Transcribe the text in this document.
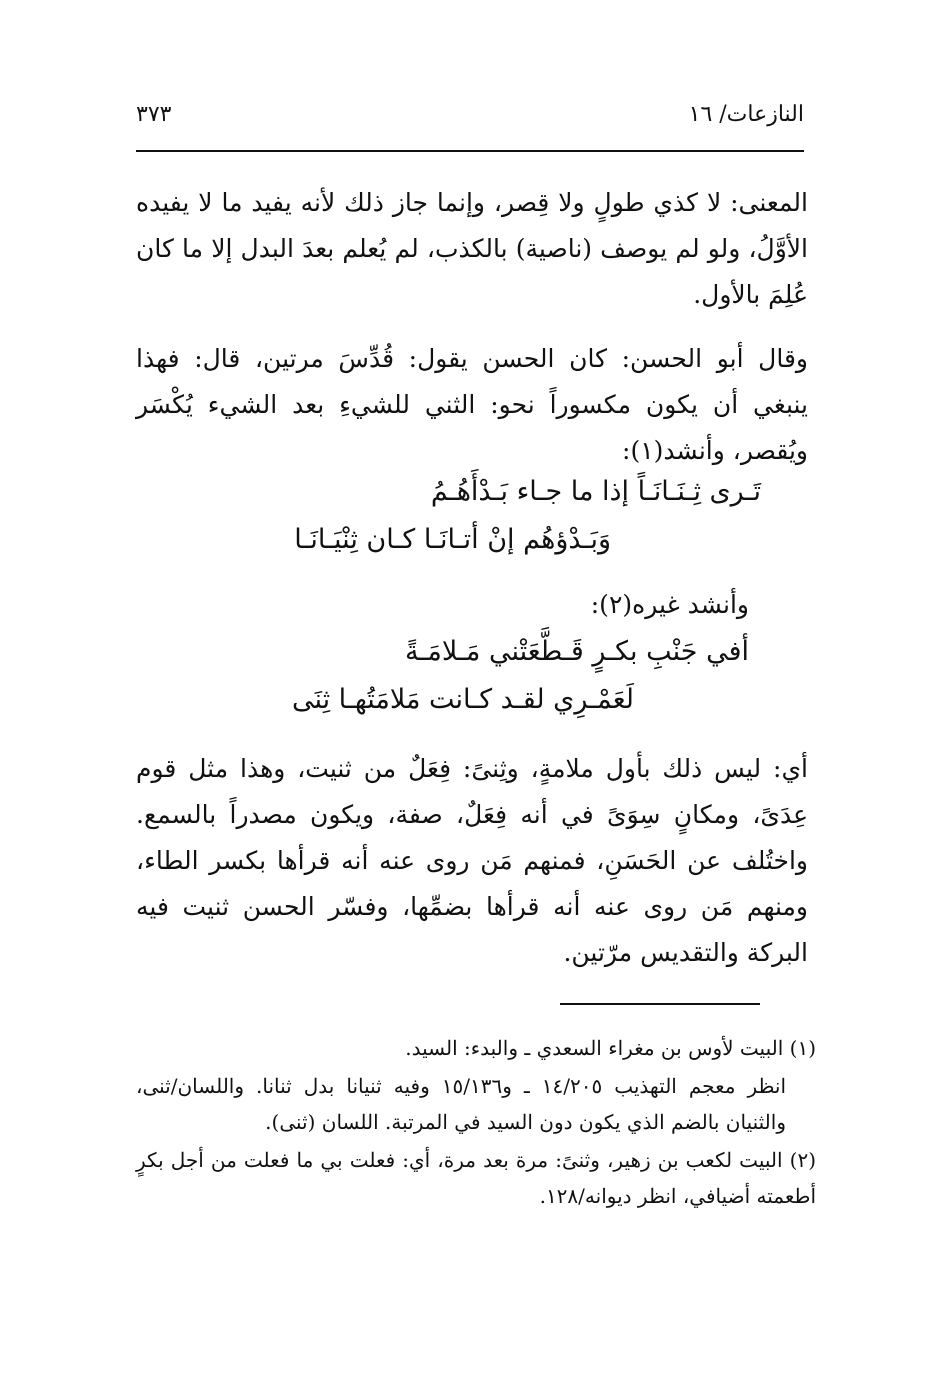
النازعات/ ١٦
٣٧٣

المعنى: لا كذي طولٍ ولا قِصر، وإنما جاز ذلك لأنه يفيد ما لا يفيده الأوَّلُ، ولو لم يوصف (ناصية) بالكذب، لم يُعلم بعدَ البدل إلا ما كان عُلِمَ بالأول.

وقال أبو الحسن: كان الحسن يقول: قُدِّسَ مرتين، قال: فهذا ينبغي أن يكون مكسوراً نحو: الثني للشيءِ بعد الشيء يُكْسَر ويُقصر، وأنشد(١):

تَـرى ثِـنَـانَـاً إذا ما جـاء بَـدْأَهُـمُ
وَبَـدْؤهُم إنْ أتـانَـا كـان ثِنْيَـانَـا
وأنشد غيره(٢):
أفي جَنْبِ بكـرٍ قَـطَّعَتْني مَـلامَـةً
لَعَمْـرِي لقـد كـانت مَلامَتُهـا ثِنَى

أي: ليس ذلك بأول ملامةٍ، وثِنىً: فِعَلٌ من ثنيت، وهذا مثل قوم عِدَىً، ومكانٍ سِوَىً في أنه فِعَلٌ، صفة، ويكون مصدراً بالسمع. واختُلف عن الحَسَنِ، فمنهم مَن روى عنه أنه قرأها بكسر الطاء، ومنهم مَن روى عنه أنه قرأها بضمِّها، وفسّر الحسن ثنيت فيه البركة والتقديس مرّتين.

(١) البيت لأوس بن مغراء السعدي ـ والبدء: السيد.

انظر معجم التهذيب ١٤/٢٠٥ ـ و١٥/١٣٦ وفيه ثنيانا بدل ثنانا. واللسان/ثنى، والثنيان بالضم الذي يكون دون السيد في المرتبة. اللسان (ثنى).

(٢) البيت لكعب بن زهير، وثنىً: مرة بعد مرة، أي: فعلت بي ما فعلت من أجل بكرٍ أطعمته أضيافي، انظر ديوانه/١٢٨.
